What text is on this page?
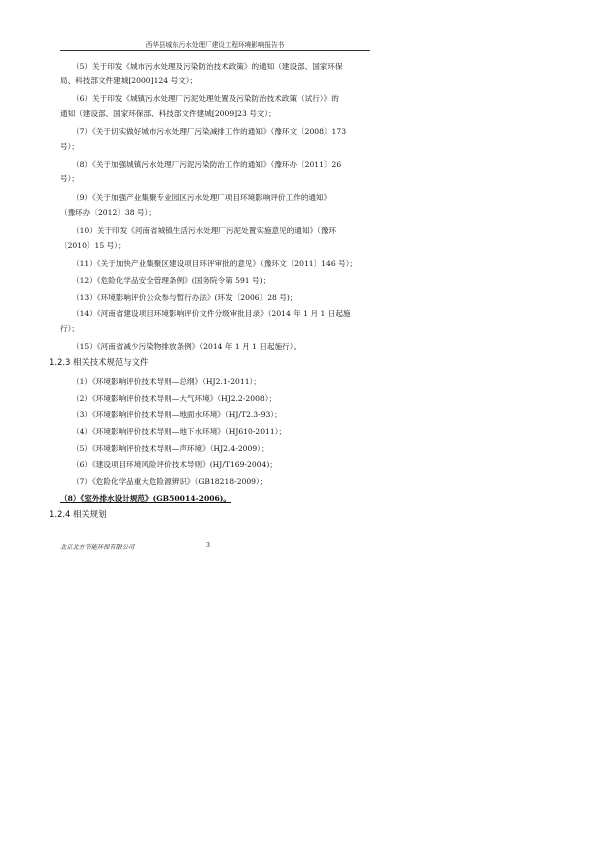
西华县城东污水处理厂建设工程环境影响报告书
（5）关于印发《城市污水处理及污染防治技术政策》的通知（建设部、国家环保
局、科技部文件建城[2000]124 号文）；
（6）关于印发《城镇污水处理厂污泥处理处置及污染防治技术政策（试行）》的
通知（建设部、国家环保部、科技部文件建城[2009]23 号文）；
（7）《关于切实做好城市污水处理厂污染减排工作的通知》（豫环文〔2008〕173
号）；
（8）《关于加强城镇污水处理厂污泥污染防治工作的通知》（豫环办〔2011〕26
号）；
（9）《关于加强产业集聚专业园区污水处理厂项目环境影响评价工作的通知》
（豫环办〔2012〕38 号）；
（10）关于印发《河南省城镇生活污水处理厂污泥处置实施意见的通知》（豫环
〔2010〕15 号）；
（11）《关于加快产业集聚区建设项目环评审批的意见》（豫环文〔2011〕146 号）；
（12）《危险化学品安全管理条例》(国务院令第 591 号)；
（13）《环境影响评价公众参与暂行办法》(环发〔2006〕28 号)；
（14）《河南省建设项目环境影响评价文件分级审批目录》（2014 年 1 月 1 日起施
行）；
（15）《河南省减少污染物排放条例》（2014 年 1 月 1 日起施行）。
1.2.3 相关技术规范与文件
（1）《环境影响评价技术导则—总纲》（HJ2.1-2011）；
（2）《环境影响评价技术导则—大气环境》（HJ2.2-2008）；
（3）《环境影响评价技术导则—地面水环境》（HJ/T2.3-93）；
（4）《环境影响评价技术导则—地下水环境》（HJ610-2011）；
（5）《环境影响评价技术导则—声环境》（HJ2.4-2009）；
（6）《建设项目环境风险评价技术导则》(HJ/T169-2004)；
（7）《危险化学品重大危险源辨识》（GB18218-2009）；
（8）《室外排水设计规范》(GB50014-2006)。
1.2.4 相关规划
北京北方节能环保有限公司	3
